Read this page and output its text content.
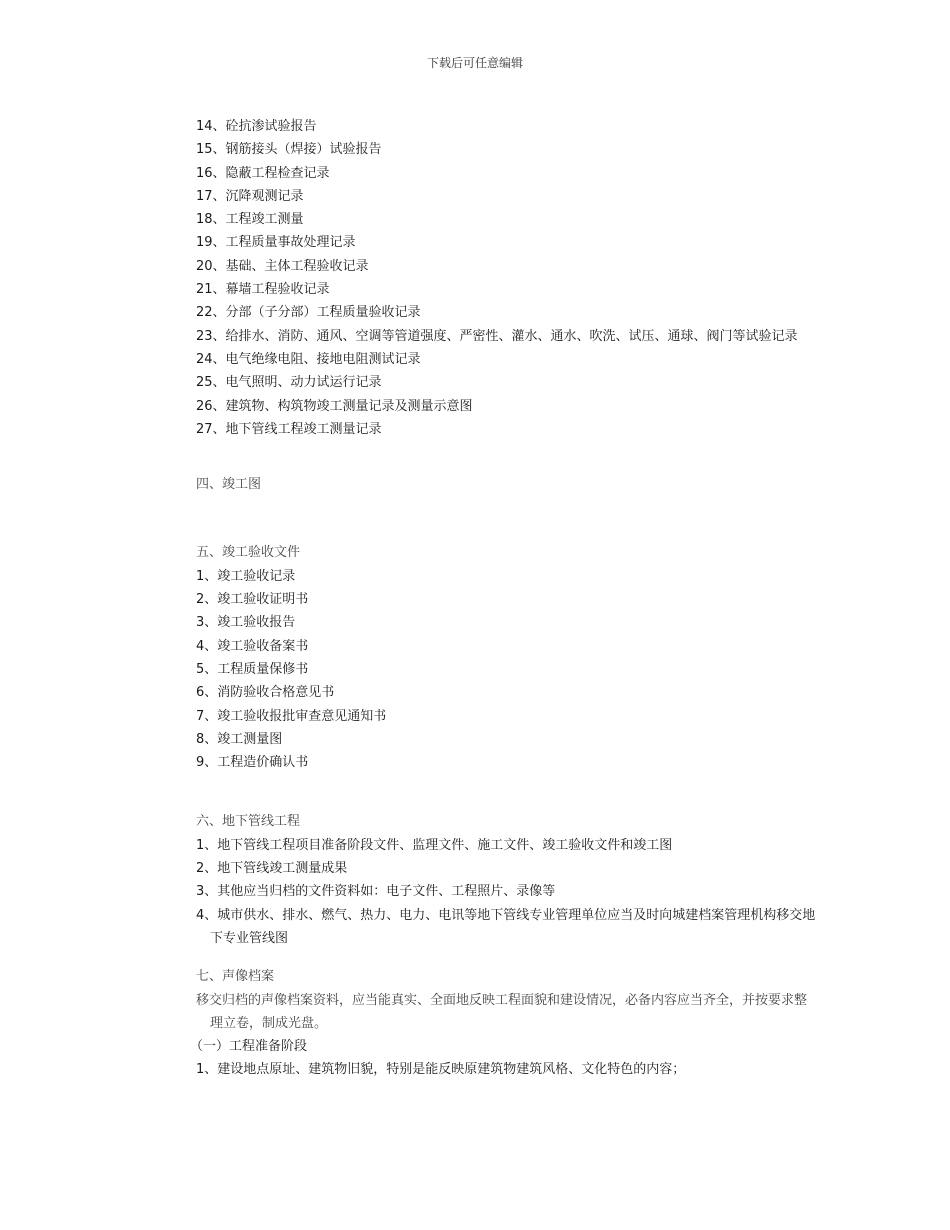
下载后可任意编辑
14、砼抗渗试验报告
15、钢筋接头（焊接）试验报告
16、隐蔽工程检查记录
17、沉降观测记录
18、工程竣工测量
19、工程质量事故处理记录
20、基础、主体工程验收记录
21、幕墙工程验收记录
22、分部（子分部）工程质量验收记录
23、给排水、消防、通风、空调等管道强度、严密性、灌水、通水、吹洗、试压、通球、阀门等试验记录
24、电气绝缘电阻、接地电阻测试记录
25、电气照明、动力试运行记录
26、建筑物、构筑物竣工测量记录及测量示意图
27、地下管线工程竣工测量记录
四、竣工图
五、竣工验收文件
1、竣工验收记录
2、竣工验收证明书
3、竣工验收报告
4、竣工验收备案书
5、工程质量保修书
6、消防验收合格意见书
7、竣工验收报批审查意见通知书
8、竣工测量图
9、工程造价确认书
六、地下管线工程
1、地下管线工程项目准备阶段文件、监理文件、施工文件、竣工验收文件和竣工图
2、地下管线竣工测量成果
3、其他应当归档的文件资料如：电子文件、工程照片、录像等
4、城市供水、排水、燃气、热力、电力、电讯等地下管线专业管理单位应当及时向城建档案管理机构移交地下专业管线图
七、声像档案
移交归档的声像档案资料，应当能真实、全面地反映工程面貌和建设情况，必备内容应当齐全，并按要求整理立卷，制成光盘。
（一）工程准备阶段
1、建设地点原址、建筑物旧貌，特别是能反映原建筑物建筑风格、文化特色的内容；
